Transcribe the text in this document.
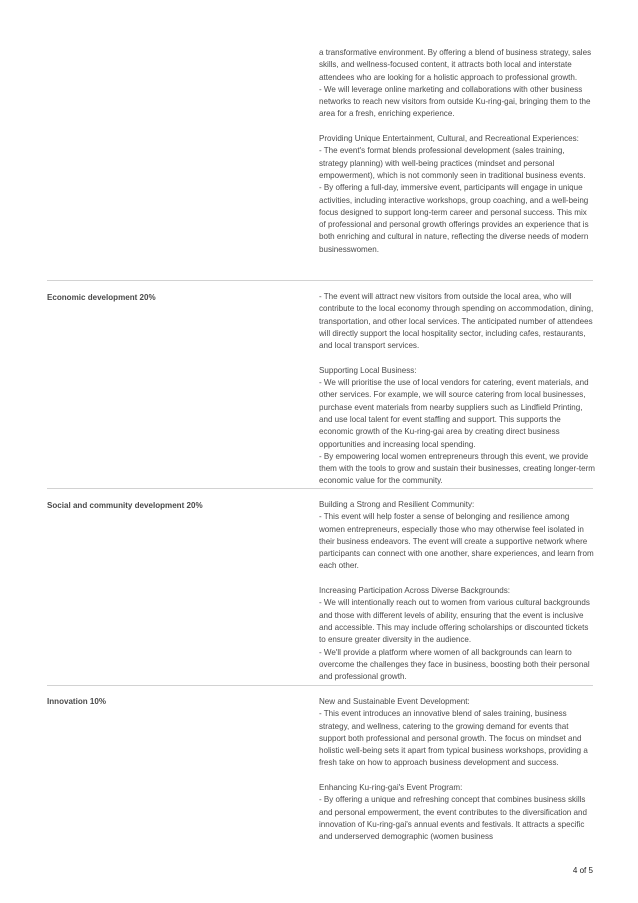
a transformative environment. By offering a blend of business strategy, sales skills, and wellness-focused content, it attracts both local and interstate attendees who are looking for a holistic approach to professional growth.
- We will leverage online marketing and collaborations with other business networks to reach new visitors from outside Ku-ring-gai, bringing them to the area for a fresh, enriching experience.

Providing Unique Entertainment, Cultural, and Recreational Experiences:
- The event's format blends professional development (sales training, strategy planning) with well-being practices (mindset and personal empowerment), which is not commonly seen in traditional business events.
- By offering a full-day, immersive event, participants will engage in unique activities, including interactive workshops, group coaching, and a well-being focus designed to support long-term career and personal success. This mix of professional and personal growth offerings provides an experience that is both enriching and cultural in nature, reflecting the diverse needs of modern businesswomen.

Economic development 20%	- The event will attract new visitors from outside the local area, who will contribute to the local economy through spending on accommodation, dining, transportation, and other local services. The anticipated number of attendees will directly support the local hospitality sector, including cafes, restaurants, and local transport services.

Supporting Local Business:
- We will prioritise the use of local vendors for catering, event materials, and other services. For example, we will source catering from local businesses, purchase event materials from nearby suppliers such as Lindfield Printing, and use local talent for event staffing and support. This supports the economic growth of the Ku-ring-gai area by creating direct business opportunities and increasing local spending.
- By empowering local women entrepreneurs through this event, we provide them with the tools to grow and sustain their businesses, creating longer-term economic value for the community.

Social and community development 20%	Building a Strong and Resilient Community:
- This event will help foster a sense of belonging and resilience among women entrepreneurs, especially those who may otherwise feel isolated in their business endeavors. The event will create a supportive network where participants can connect with one another, share experiences, and learn from each other.

Increasing Participation Across Diverse Backgrounds:
- We will intentionally reach out to women from various cultural backgrounds and those with different levels of ability, ensuring that the event is inclusive and accessible. This may include offering scholarships or discounted tickets to ensure greater diversity in the audience.
- We'll provide a platform where women of all backgrounds can learn to overcome the challenges they face in business, boosting both their personal and professional growth.

Innovation 10%	New and Sustainable Event Development:
- This event introduces an innovative blend of sales training, business strategy, and wellness, catering to the growing demand for events that support both professional and personal growth. The focus on mindset and holistic well-being sets it apart from typical business workshops, providing a fresh take on how to approach business development and success.

Enhancing Ku-ring-gai's Event Program:
- By offering a unique and refreshing concept that combines business skills and personal empowerment, the event contributes to the diversification and innovation of Ku-ring-gai's annual events and festivals. It attracts a specific and underserved demographic (women business

4 of 5
